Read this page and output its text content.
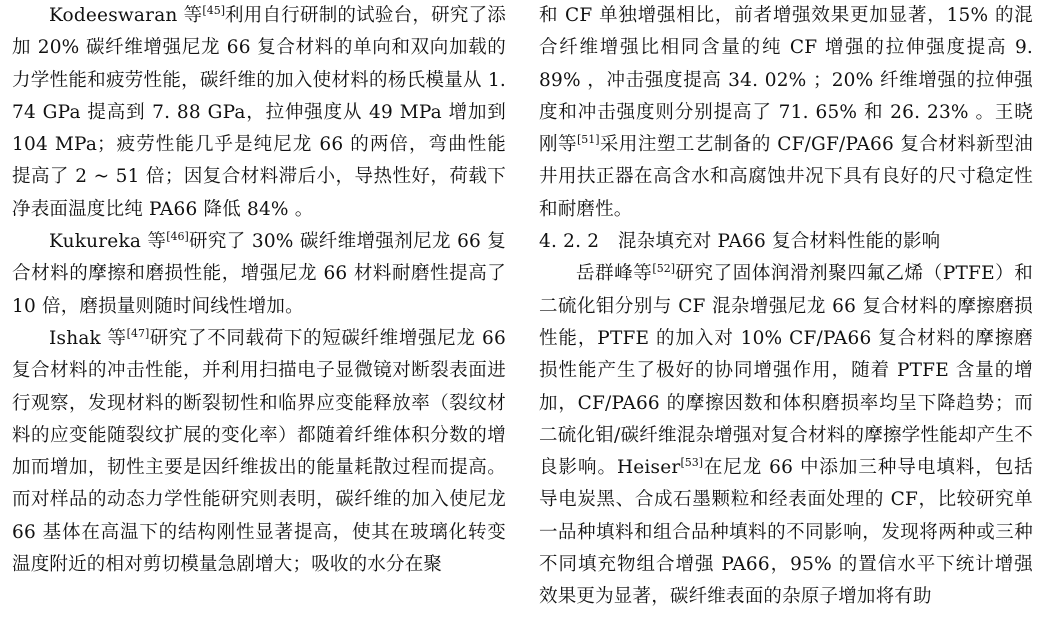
Kodeeswaran 等[45]利用自行研制的试验台，研究了添加 20% 碳纤维增强尼龙 66 复合材料的单向和双向加载的力学性能和疲劳性能，碳纤维的加入使材料的杨氏模量从 1. 74 GPa 提高到 7. 88 GPa，拉伸强度从 49 MPa 增加到 104 MPa；疲劳性能几乎是纯尼龙 66 的两倍，弯曲性能提高了 2 ~ 51 倍；因复合材料滞后小，导热性好，荷载下净表面温度比纯 PA66 降低 84% 。

Kukureka 等[46]研究了 30% 碳纤维增强剂尼龙 66 复合材料的摩擦和磨损性能，增强尼龙 66 材料耐磨性提高了 10 倍，磨损量则随时间线性增加。

Ishak 等[47]研究了不同载荷下的短碳纤维增强尼龙 66 复合材料的冲击性能，并利用扫描电子显微镜对断裂表面进行观察，发现材料的断裂韧性和临界应变能释放率（裂纹材料的应变能随裂纹扩展的变化率）都随着纤维体积分数的增加而增加，韧性主要是因纤维拔出的能量耗散过程而提高。而对样品的动态力学性能研究则表明，碳纤维的加入使尼龙 66 基体在高温下的结构刚性显著提高，使其在玻璃化转变温度附近的相对剪切模量急剧增大；吸收的水分在聚

和 CF 单独增强相比，前者增强效果更加显著，15% 的混合纤维增强比相同含量的纯 CF 增强的拉伸强度提高 9. 89% ，冲击强度提高 34. 02% ；20% 纤维增强的拉伸强度和冲击强度则分别提高了 71. 65% 和 26. 23% 。王晓刚等[51]采用注塑工艺制备的 CF/GF/PA66 复合材料新型油井用扶正器在高含水和高腐蚀井况下具有良好的尺寸稳定性和耐磨性。

4. 2. 2　混杂填充对 PA66 复合材料性能的影响

岳群峰等[52]研究了固体润滑剂聚四氟乙烯（PTFE）和二硫化钼分别与 CF 混杂增强尼龙 66 复合材料的摩擦磨损性能，PTFE 的加入对 10% CF/PA66 复合材料的摩擦磨损性能产生了极好的协同增强作用，随着 PTFE 含量的增加，CF/PA66 的摩擦因数和体积磨损率均呈下降趋势；而二硫化钼/碳纤维混杂增强对复合材料的摩擦学性能却产生不良影响。Heiser[53]在尼龙 66 中添加三种导电填料，包括导电炭黑、合成石墨颗粒和经表面处理的 CF，比较研究单一品种填料和组合品种填料的不同影响，发现将两种或三种不同填充物组合增强 PA66，95% 的置信水平下统计增强效果更为显著，碳纤维表面的杂原子增加将有助
